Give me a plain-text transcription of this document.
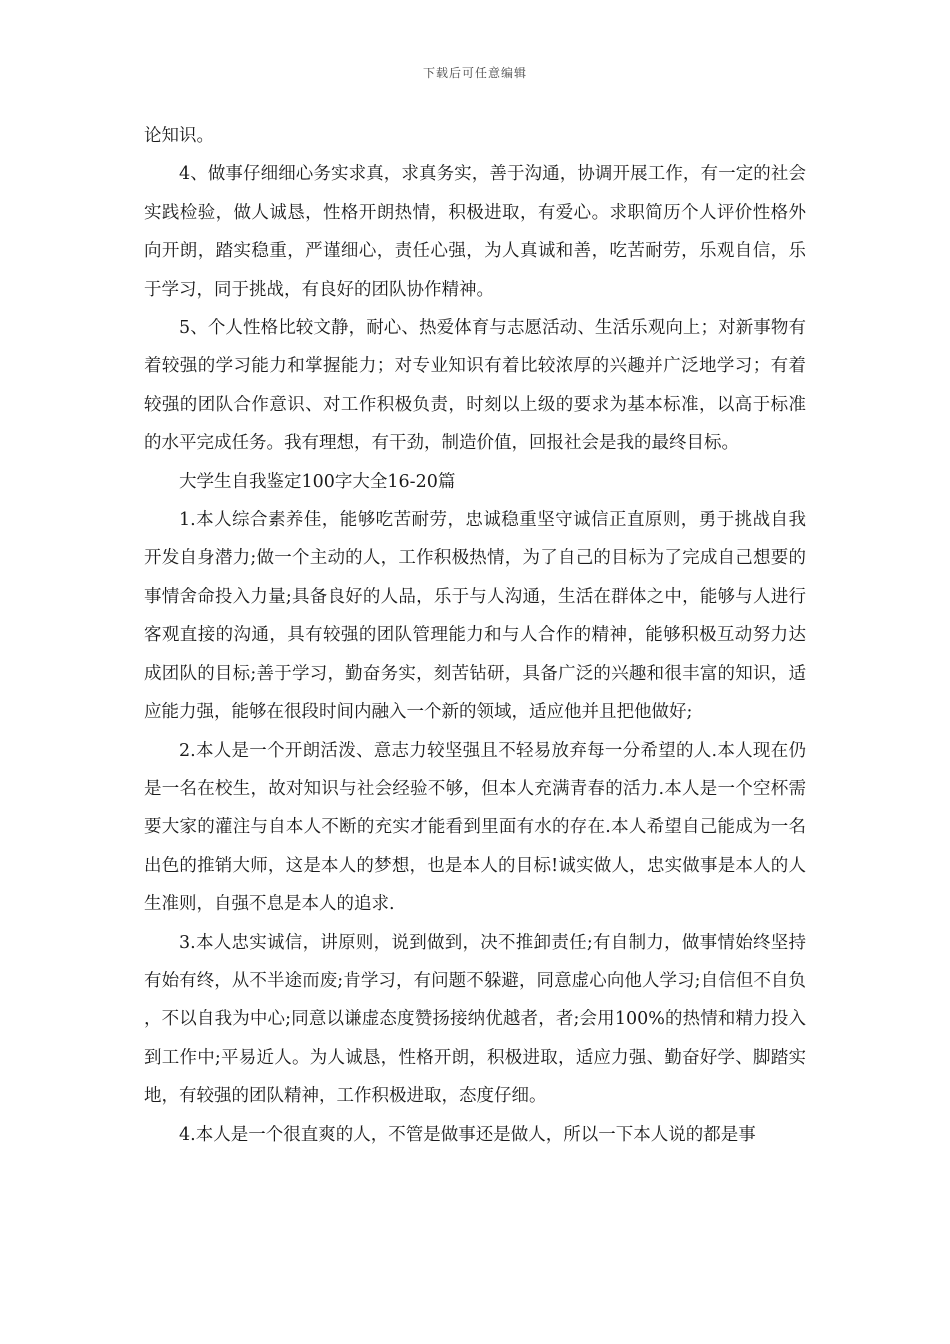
下载后可任意编辑

论知识。

4、做事仔细细心务实求真，求真务实，善于沟通，协调开展工作，有一定的社会实践检验，做人诚恳，性格开朗热情，积极进取，有爱心。求职简历个人评价性格外向开朗，踏实稳重，严谨细心，责任心强，为人真诚和善，吃苦耐劳，乐观自信，乐于学习，同于挑战，有良好的团队协作精神。

5、个人性格比较文静，耐心、热爱体育与志愿活动、生活乐观向上；对新事物有着较强的学习能力和掌握能力；对专业知识有着比较浓厚的兴趣并广泛地学习；有着较强的团队合作意识、对工作积极负责，时刻以上级的要求为基本标准，以高于标准的水平完成任务。我有理想，有干劲，制造价值，回报社会是我的最终目标。

大学生自我鉴定100字大全16-20篇

1.本人综合素养佳，能够吃苦耐劳，忠诚稳重坚守诚信正直原则，勇于挑战自我开发自身潜力;做一个主动的人，工作积极热情，为了自己的目标为了完成自己想要的事情舍命投入力量;具备良好的人品，乐于与人沟通，生活在群体之中，能够与人进行客观直接的沟通，具有较强的团队管理能力和与人合作的精神，能够积极互动努力达成团队的目标;善于学习，勤奋务实，刻苦钻研，具备广泛的兴趣和很丰富的知识，适应能力强，能够在很段时间内融入一个新的领域，适应他并且把他做好;

2.本人是一个开朗活泼、意志力较坚强且不轻易放弃每一分希望的人.本人现在仍是一名在校生，故对知识与社会经验不够，但本人充满青春的活力.本人是一个空杯需要大家的灌注与自本人不断的充实才能看到里面有水的存在.本人希望自己能成为一名出色的推销大师，这是本人的梦想，也是本人的目标!诚实做人，忠实做事是本人的人生准则，自强不息是本人的追求.

3.本人忠实诚信，讲原则，说到做到，决不推卸责任;有自制力，做事情始终坚持有始有终，从不半途而废;肯学习，有问题不躲避，同意虚心向他人学习;自信但不自负，不以自我为中心;同意以谦虚态度赞扬接纳优越者，者;会用100%的热情和精力投入到工作中;平易近人。为人诚恳，性格开朗，积极进取，适应力强、勤奋好学、脚踏实地，有较强的团队精神，工作积极进取，态度仔细。

4.本人是一个很直爽的人，不管是做事还是做人，所以一下本人说的都是事
